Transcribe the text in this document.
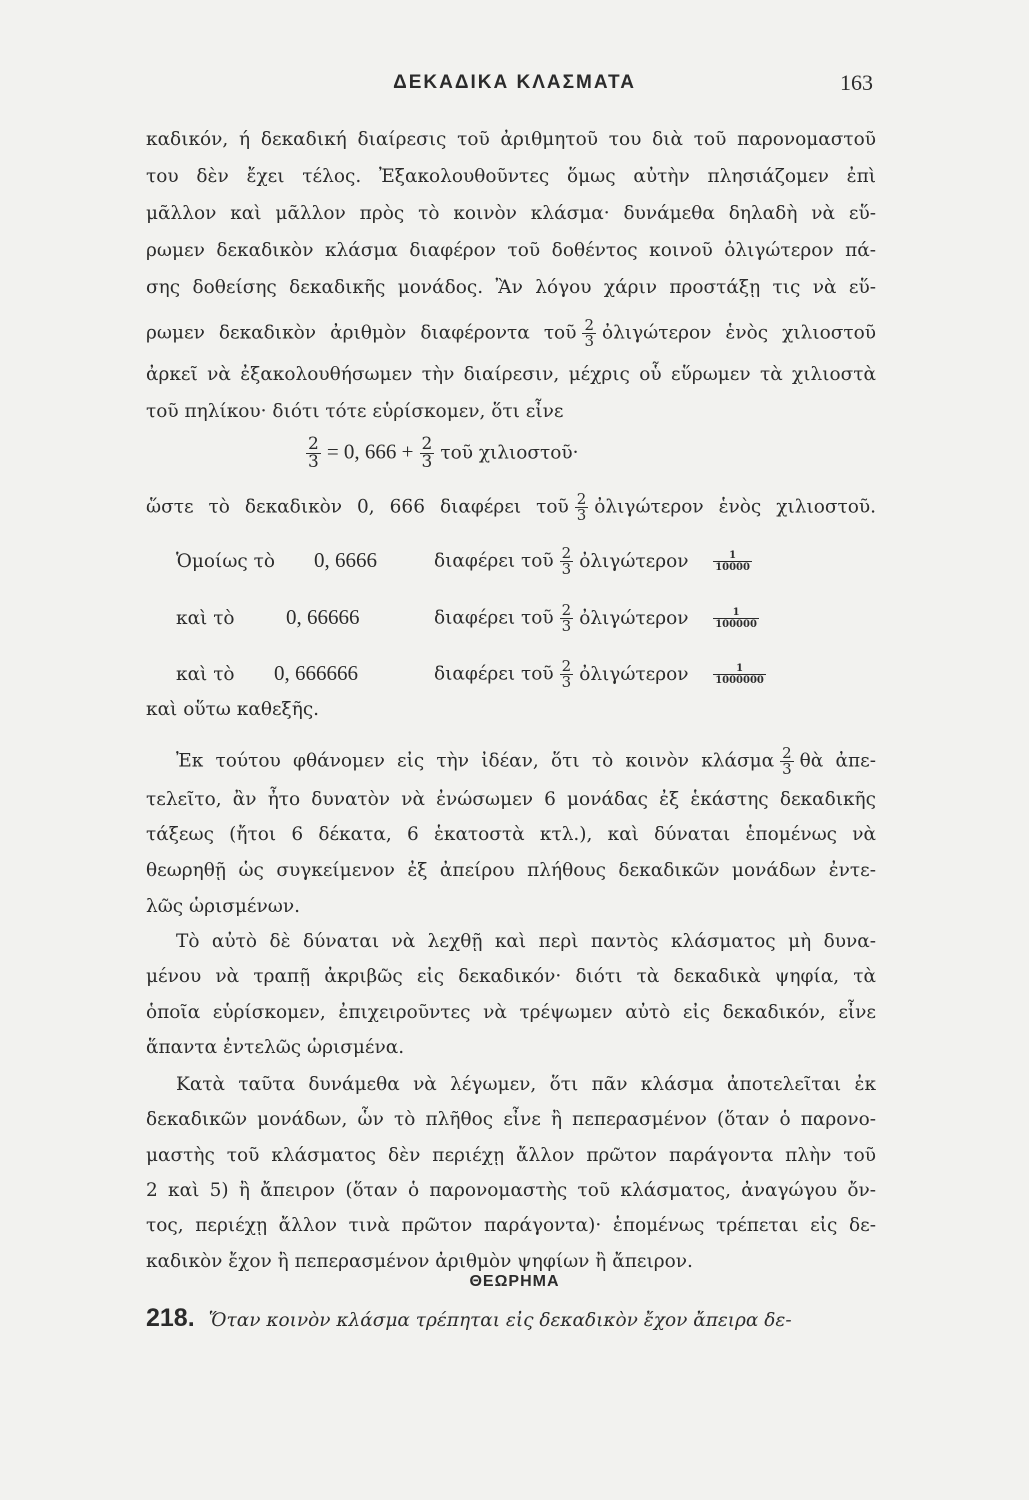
ΔΕΚΑΔΙΚΑ ΚΛΑΣΜΑΤΑ	163
καδικόν, ή δεκαδική διαίρεσις τοῦ ἀριθμητοῦ του διὰ τοῦ παρονομαστοῦ
του δὲν ἔχει τέλος. Ἐξακολουθοῦντες ὅμως αὐτὴν πλησιάζομεν ἐπὶ
μᾶλλον καὶ μᾶλλον πρὸς τὸ κοινὸν κλάσμα· δυνάμεθα δηλαδὴ νὰ εὕ-
ρωμεν δεκαδικὸν κλάσμα διαφέρον τοῦ δοθέντος κοινοῦ ὀλιγώτερον πά-
σης δοθείσης δεκαδικῆς μονάδος. Ἂν λόγου χάριν προστάξῃ τις νὰ εὕ-
ρωμεν δεκαδικὸν ἀριθμὸν διαφέροντα τοῦ $\frac{2}{3}$ ὀλιγώτερον ἑνὸς χιλιοστοῦ
ἀρκεῖ νὰ ἐξακολουθήσωμεν τὴν διαίρεσιν, μέχρις οὗ εὕρωμεν τὰ χιλιοστὰ
τοῦ πηλίκου· διότι τότε εὑρίσκομεν, ὅτι εἶνε
$\frac{2}{3} = 0$, $666 + \frac{2}{3}$ τοῦ χιλιοστοῦ·
ὥστε τὸ δεκαδικὸν 0, 666 διαφέρει τοῦ $\frac{2}{3}$ ὀλιγώτερον ἑνὸς χιλιοστοῦ.
Ὁμοίως τὸ 0, 6666	διαφέρει τοῦ $\frac{2}{3}$ ὀλιγώτερον $\frac{1}{10000}$
καὶ τὸ 0, 66666	διαφέρει τοῦ $\frac{2}{3}$ ὀλιγώτερον $\frac{1}{100000}$
καὶ τὸ 0, 666666	διαφέρει τοῦ $\frac{2}{3}$ ὀλιγώτερον $\frac{1}{1000000}$
καὶ οὕτω καθεξῆς.
Ἐκ τούτου φθάνομεν εἰς τὴν ἰδέαν, ὅτι τὸ κοινὸν κλάσμα $\frac{2}{3}$ θὰ ἀπε-
τελεῖτο, ἂν ἦτο δυνατὸν νὰ ἐνώσωμεν 6 μονάδας ἐξ ἑκάστης δεκαδικῆς
τάξεως (ἤτοι 6 δέκατα, 6 ἑκατοστὰ κτλ.), καὶ δύναται ἑπομένως νὰ
θεωρηθῇ ὡς συγκείμενον ἐξ ἀπείρου πλήθους δεκαδικῶν μονάδων ἐντε-
λῶς ὡρισμένων.
Τὸ αὐτὸ δὲ δύναται νὰ λεχθῇ καὶ περὶ παντὸς κλάσματος μὴ δυνα-
μένου νὰ τραπῇ ἀκριβῶς εἰς δεκαδικόν· διότι τὰ δεκαδικὰ ψηφία, τὰ
ὁποῖα εὑρίσκομεν, ἐπιχειροῦντες νὰ τρέψωμεν αὐτὸ εἰς δεκαδικόν, εἶνε
ἅπαντα ἐντελῶς ὡρισμένα.
Κατὰ ταῦτα δυνάμεθα νὰ λέγωμεν, ὅτι πᾶν κλάσμα ἀποτελεῖται ἐκ
δεκαδικῶν μονάδων, ὧν τὸ πλῆθος εἶνε ἢ πεπερασμένον (ὅταν ὁ παρονο-
μαστὴς τοῦ κλάσματος δὲν περιέχῃ ἄλλον πρῶτον παράγοντα πλὴν τοῦ
2 καὶ 5) ἢ ἄπειρον (ὅταν ὁ παρονομαστὴς τοῦ κλάσματος, ἀναγώγου ὄν-
τος, περιέχῃ ἄλλον τινὰ πρῶτον παράγοντα)· ἑπομένως τρέπεται εἰς δε-
καδικὸν ἔχον ἢ πεπερασμένον ἀριθμὸν ψηφίων ἢ ἄπειρον.
ΘΕΩΡΗΜΑ
218. Ὅταν κοινὸν κλάσμα τρέπηται εἰς δεκαδικὸν ἔχον ἄπειρα δε-
